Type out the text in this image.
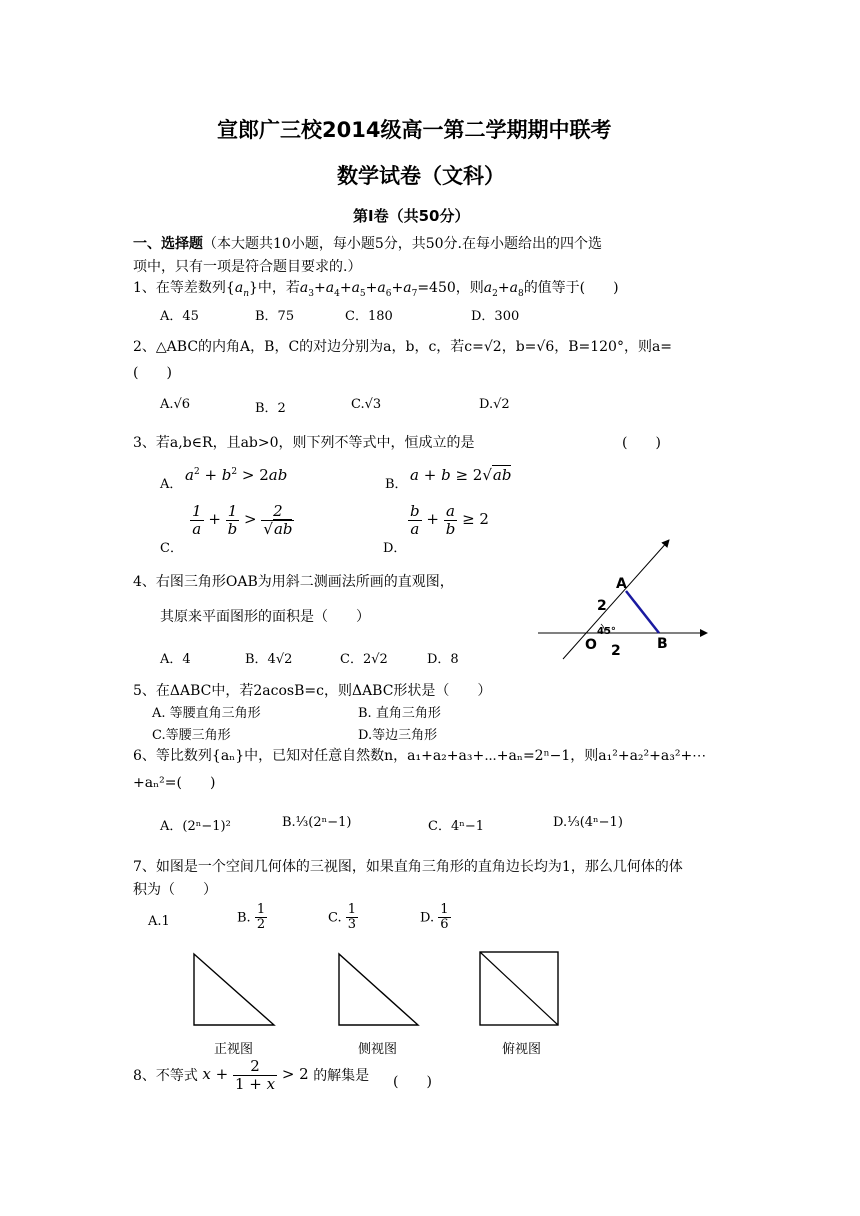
宣郎广三校2014级高一第二学期期中联考
数学试卷（文科）
第Ⅰ卷（共50分）
一、选择题（本大题共10小题，每小题5分，共50分.在每小题给出的四个选
项中，只有一项是符合题目要求的.）
1、在等差数列$\{a_n\}$中，若$a_3+a_4+a_5+a_6+a_7=450$，则$a_2+a_8$的值等于(　　)
A．45	B．75	C．180	D．300
2、△ABC的内角A，B，C的对边分别为a，b，c，若c=√2，b=√6，B=120°，则a=
(　　)
A.√6	B．2	C.√3	D.√2
3、若a,b∈R，且ab>0，则下列不等式中，恒成立的是	(　　)
A．
$a^2 + b^2 > 2ab$
B．
a + b ≥ 2√ab
C．
$\frac{1}{a} + \frac{1}{b} > \frac{2}{√ab}$
D．
$\frac{b}{a} + \frac{a}{b} \ge 2$
4、右图三角形OAB为用斜二测画法所画的直观图，
其原来平面图形的面积是（　　）
A．4	B．4√2	C．2√2	D．8
A
B
O
2
2
45°
5、在ΔABC中，若2acosB=c，则ΔABC形状是（　　）
A. 等腰直角三角形	B. 直角三角形
C.等腰三角形	D.等边三角形
6、等比数列{aₙ}中，已知对任意自然数n，a₁+a₂+a₃+⋯+aₙ=2ⁿ−1，则a₁²+a₂²+a₃²+⋯
+aₙ²=(　　)
A．(2ⁿ−1)²	B.⅓(2ⁿ−1)	C．4ⁿ−1	D.⅓(4ⁿ−1)
7、如图是一个空间几何体的三视图，如果直角三角形的直角边长均为1，那么几何体的体
积为（　　）
A.1	B. $\frac{1}{2}$	C. $\frac{1}{3}$	D. $\frac{1}{6}$
正视图	侧视图	俯视图
8、不等式 $x + \frac{2}{1 + x} > 2$ 的解集是 (　　)
